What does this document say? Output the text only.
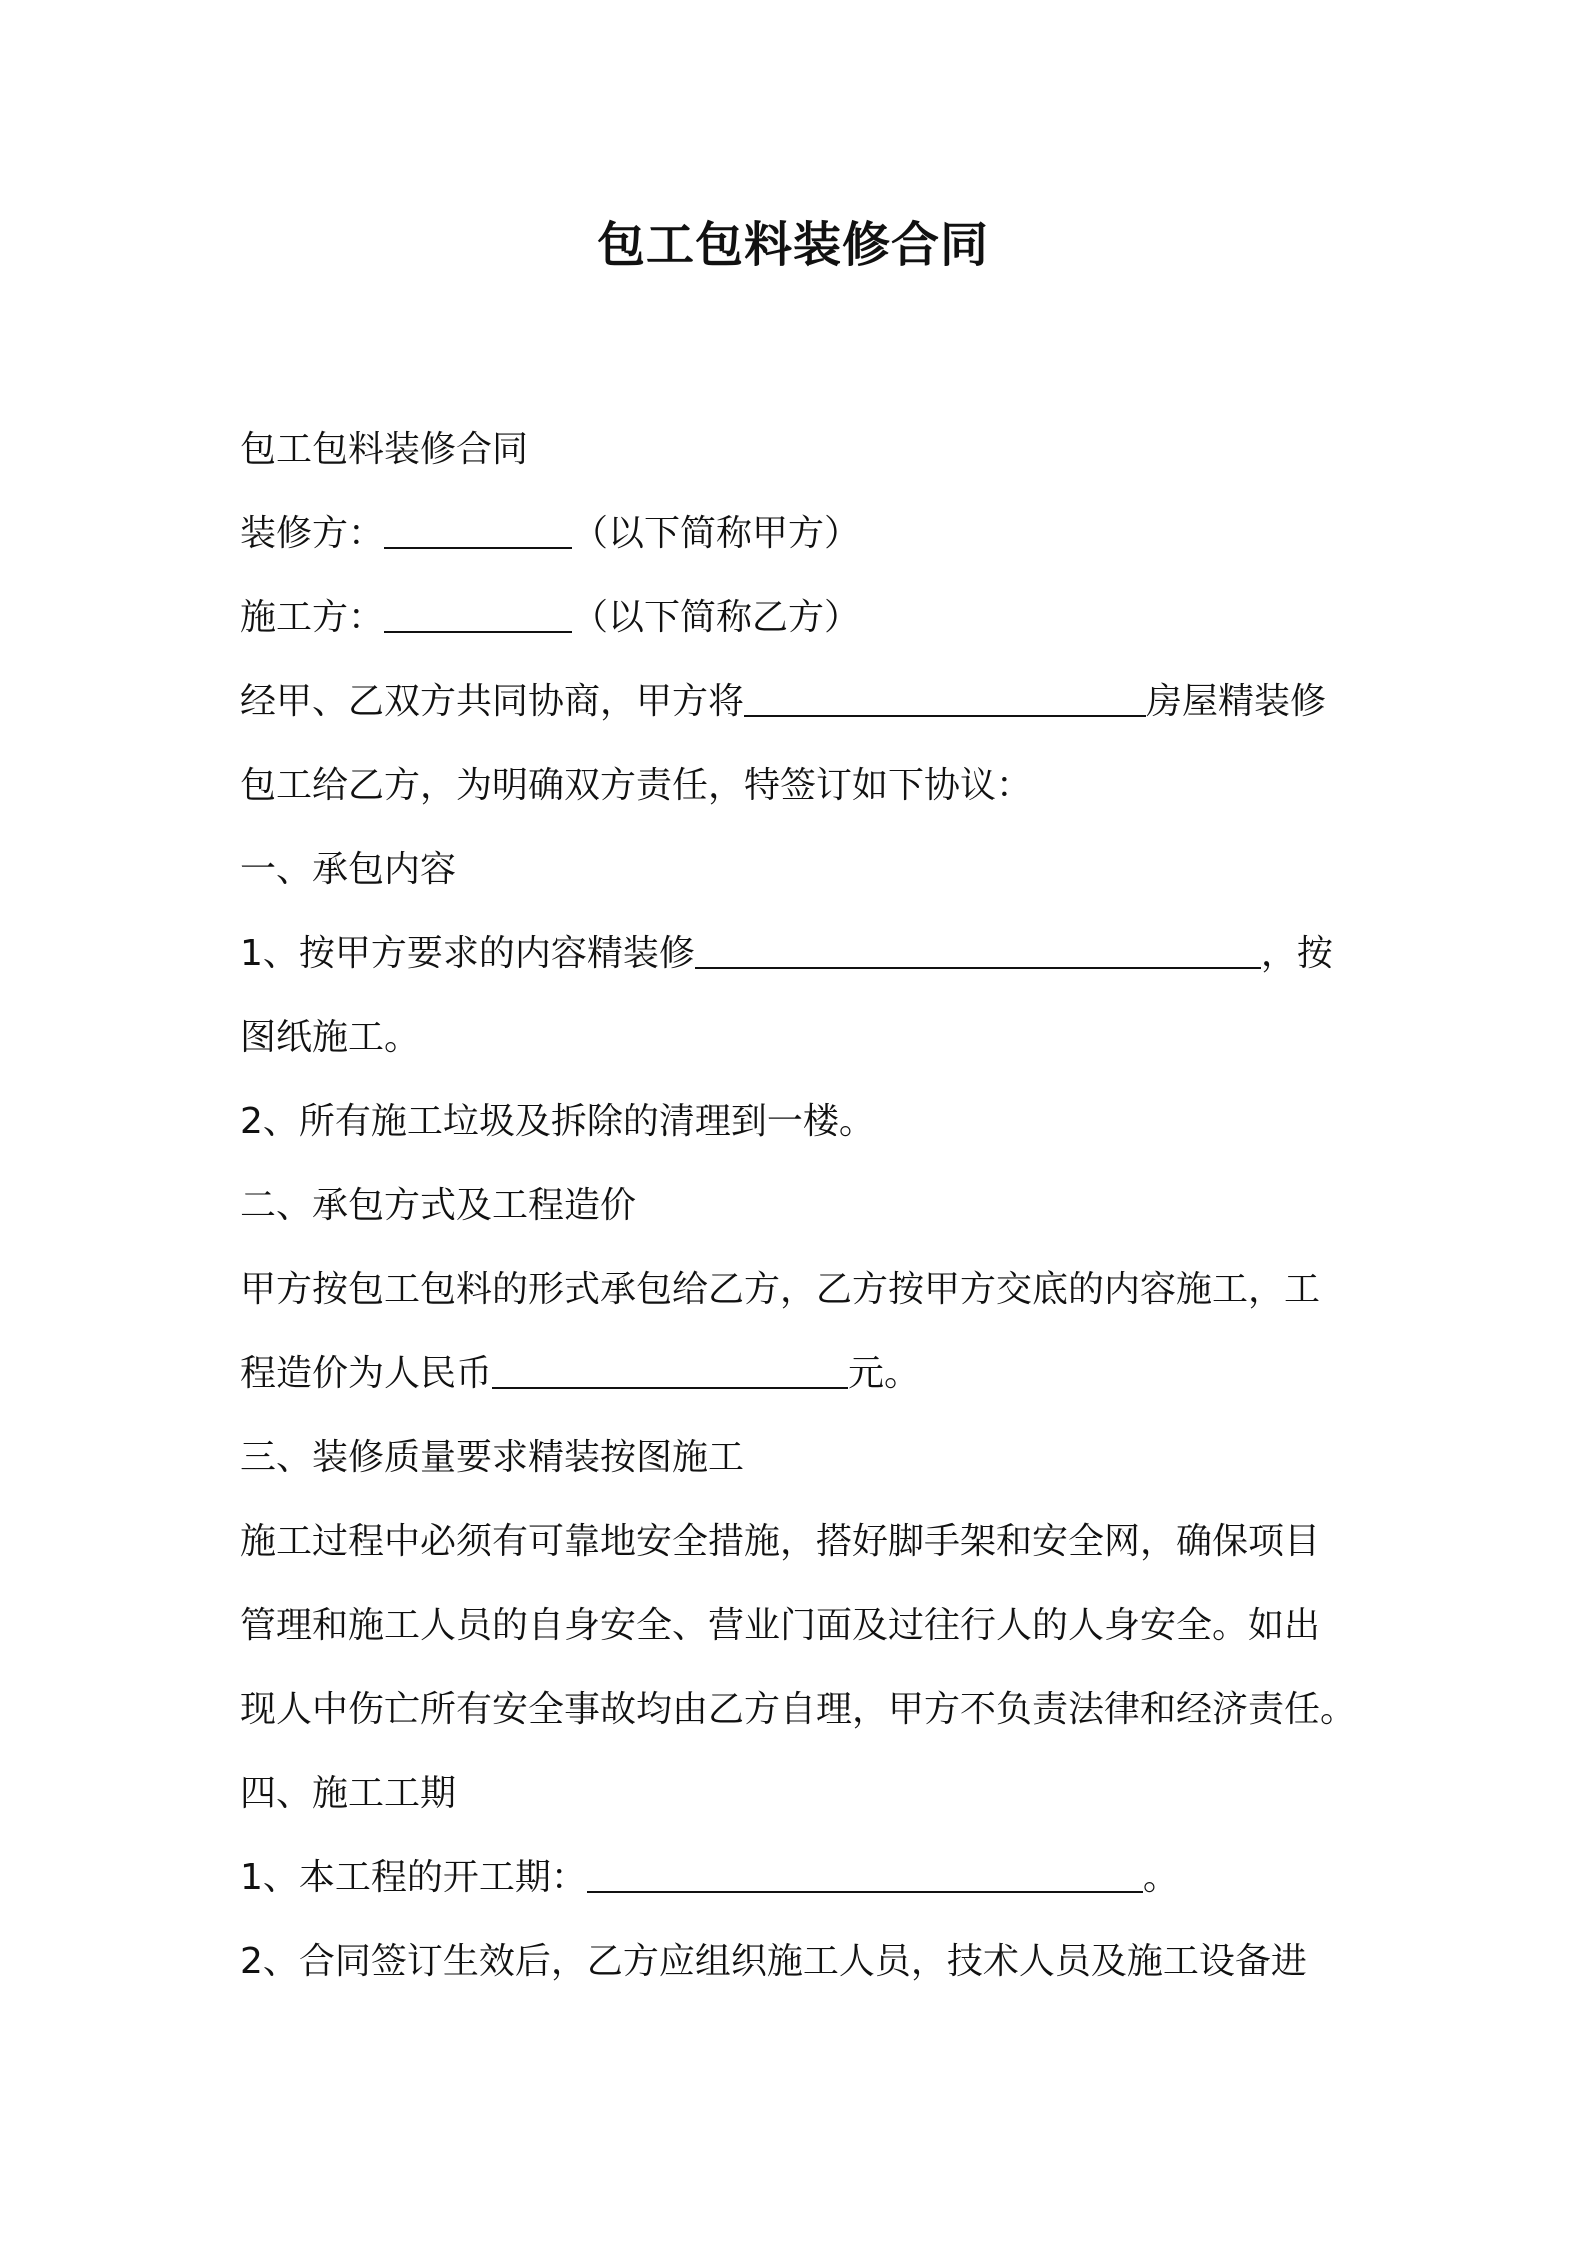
包工包料装修合同
包工包料装修合同
装修方：	（以下简称甲方）
施工方：	（以下简称乙方）
经甲、乙双方共同协商，甲方将	房屋精装修
包工给乙方，为明确双方责任，特签订如下协议：
一、承包内容
1、按甲方要求的内容精装修	，按
图纸施工。
2、所有施工垃圾及拆除的清理到一楼。
二、承包方式及工程造价
甲方按包工包料的形式承包给乙方，乙方按甲方交底的内容施工，工
程造价为人民币	元。
三、装修质量要求精装按图施工
施工过程中必须有可靠地安全措施，搭好脚手架和安全网，确保项目
管理和施工人员的自身安全、营业门面及过往行人的人身安全。如出
现人中伤亡所有安全事故均由乙方自理，甲方不负责法律和经济责任。
四、施工工期
1、本工程的开工期：	。
2、合同签订生效后，乙方应组织施工人员，技术人员及施工设备进
